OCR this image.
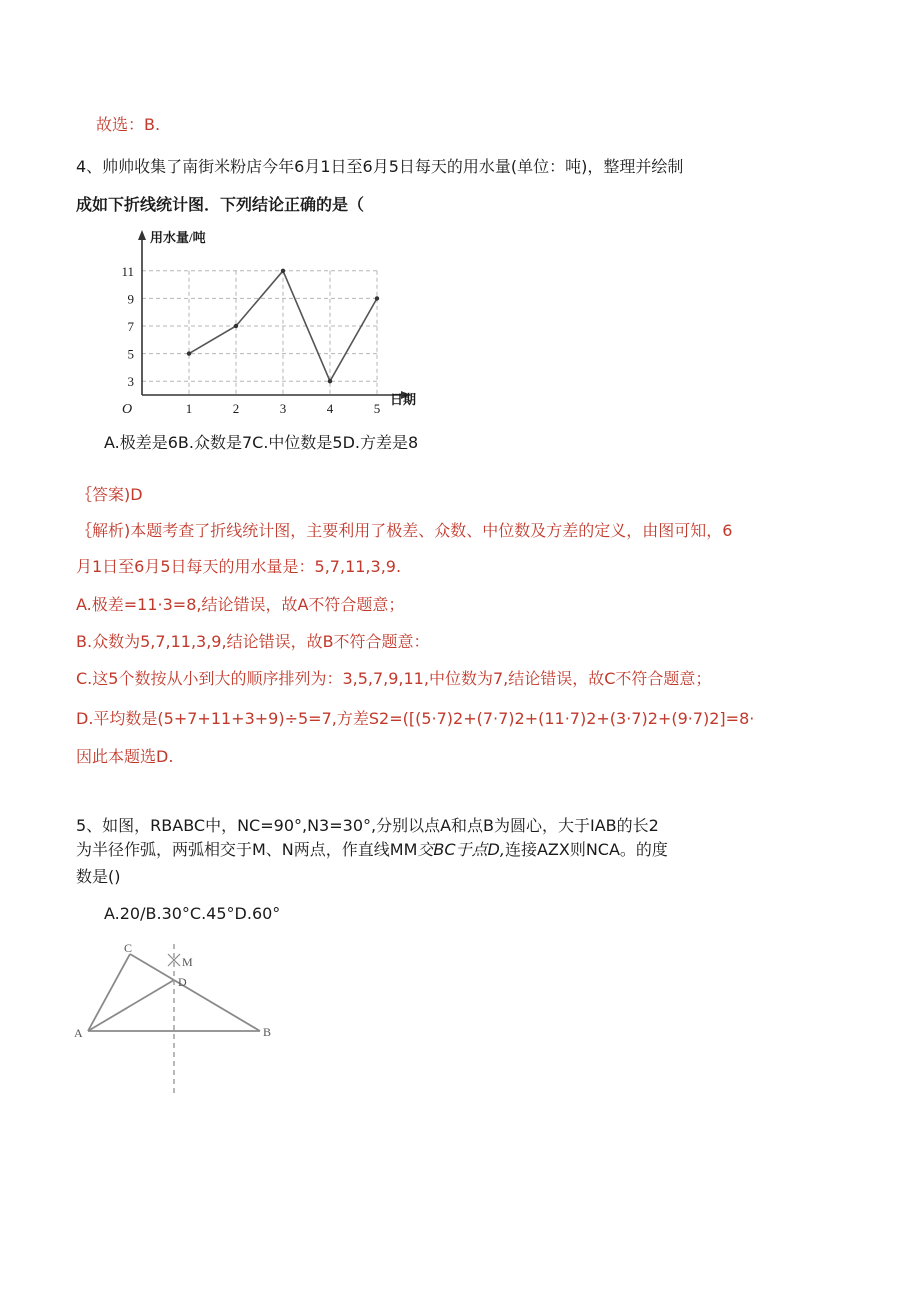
故选：B.
4、帅帅收集了南街米粉店今年6月1日至6月5日每天的用水量(单位：吨)，整理并绘制
成如下折线统计图．下列结论正确的是（
3
5
7
9
11
1	2	3	4	5
用水量/吨
日期
O
A.极差是6B.众数是7C.中位数是5D.方差是8
｛答案)D
｛解析)本题考查了折线统计图，主要利用了极差、众数、中位数及方差的定义，由图可知，6
月1日至6月5日每天的用水量是：5,7,11,3,9.
A.极差=11·3=8,结论错误，故A不符合题意；
B.众数为5,7,11,3,9,结论错误，故B不符合题意：
C.这5个数按从小到大的顺序排列为：3,5,7,9,11,中位数为7,结论错误，故C不符合题意；
D.平均数是(5+7+11+3+9)÷5=7,方差S2=([(5·7)2+(7·7)2+(11·7)2+(3·7)2+(9·7)2]=8·
因此本题选D.
5、如图，RBABC中，NC=90°,N3=30°,分别以点A和点B为圆心，大于IAB的长2
为半径作弧，两弧相交于M、N两点，作直线MM交BC于点D,连接AZX则NCA。的度
数是()
A.20/B.30°C.45°D.60°
A	B
C
D
M
